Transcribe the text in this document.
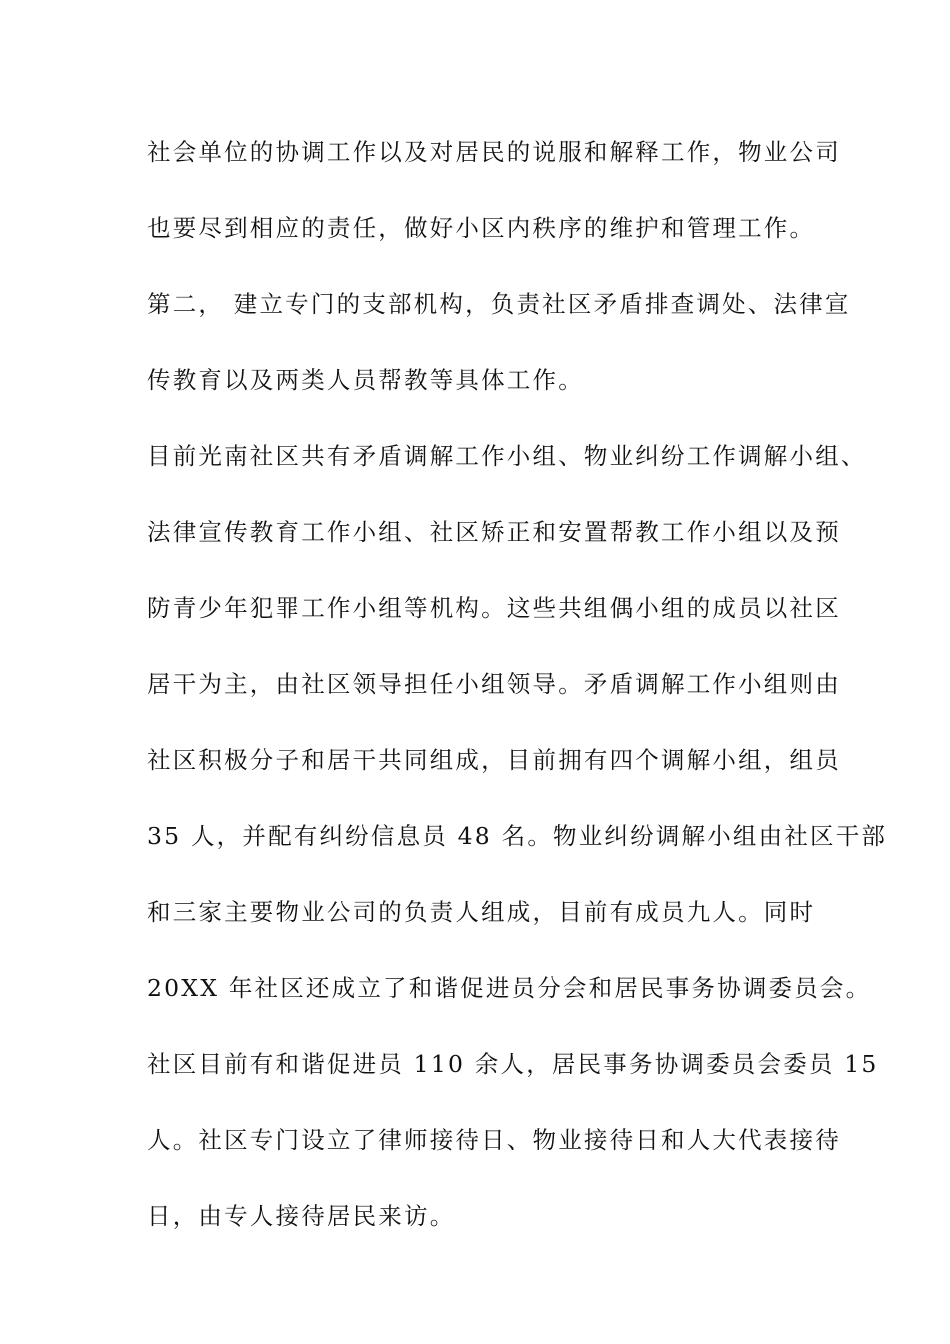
社会单位的协调工作以及对居民的说服和解释工作，物业公司
也要尽到相应的责任，做好小区内秩序的维护和管理工作。
第二， 建立专门的支部机构，负责社区矛盾排查调处、法律宣
传教育以及两类人员帮教等具体工作。
目前光南社区共有矛盾调解工作小组、物业纠纷工作调解小组、
法律宣传教育工作小组、社区矫正和安置帮教工作小组以及预
防青少年犯罪工作小组等机构。这些共组偶小组的成员以社区
居干为主，由社区领导担任小组领导。矛盾调解工作小组则由
社区积极分子和居干共同组成，目前拥有四个调解小组，组员
35 人，并配有纠纷信息员 48 名。物业纠纷调解小组由社区干部
和三家主要物业公司的负责人组成，目前有成员九人。同时
20XX 年社区还成立了和谐促进员分会和居民事务协调委员会。
社区目前有和谐促进员 110 余人，居民事务协调委员会委员 15
人。社区专门设立了律师接待日、物业接待日和人大代表接待
日，由专人接待居民来访。
